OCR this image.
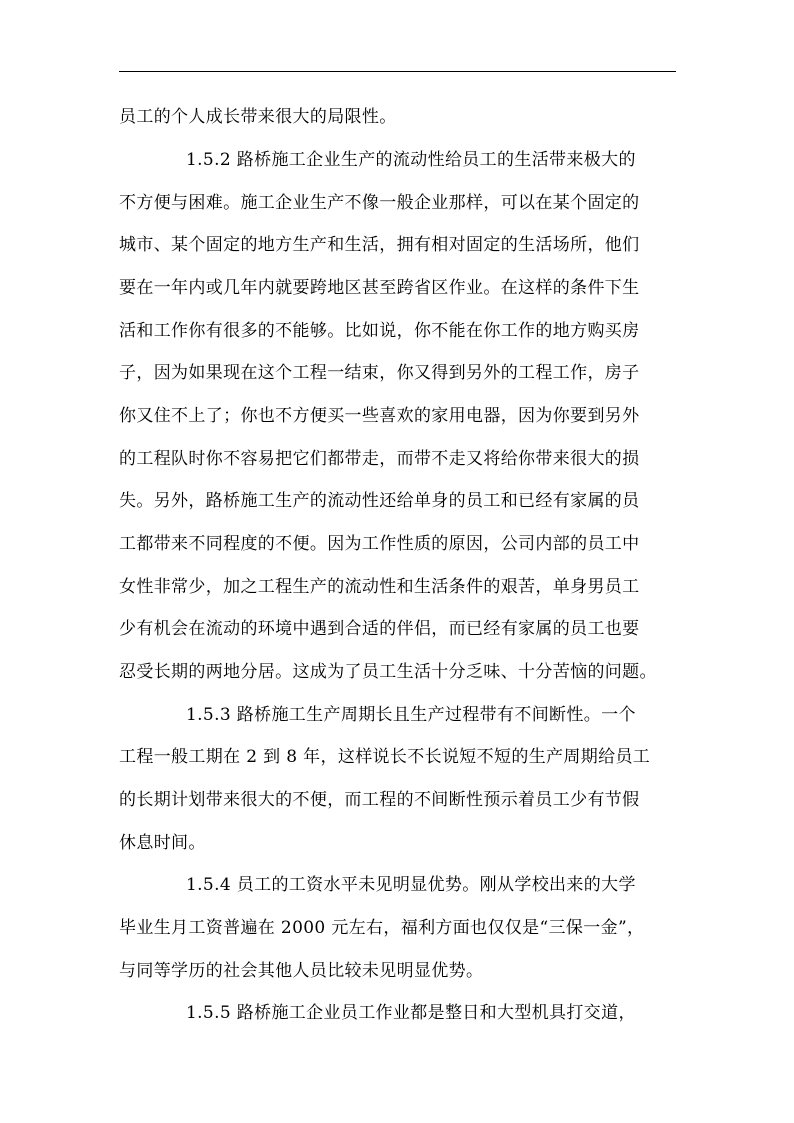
员工的个人成长带来很大的局限性。
1.5.2 路桥施工企业生产的流动性给员工的生活带来极大的
不方便与困难。施工企业生产不像一般企业那样，可以在某个固定的
城市、某个固定的地方生产和生活，拥有相对固定的生活场所，他们
要在一年内或几年内就要跨地区甚至跨省区作业。在这样的条件下生
活和工作你有很多的不能够。比如说，你不能在你工作的地方购买房
子，因为如果现在这个工程一结束，你又得到另外的工程工作，房子
你又住不上了；你也不方便买一些喜欢的家用电器，因为你要到另外
的工程队时你不容易把它们都带走，而带不走又将给你带来很大的损
失。另外，路桥施工生产的流动性还给单身的员工和已经有家属的员
工都带来不同程度的不便。因为工作性质的原因，公司内部的员工中
女性非常少，加之工程生产的流动性和生活条件的艰苦，单身男员工
少有机会在流动的环境中遇到合适的伴侣，而已经有家属的员工也要
忍受长期的两地分居。这成为了员工生活十分乏味、十分苦恼的问题。
1.5.3 路桥施工生产周期长且生产过程带有不间断性。一个
工程一般工期在 2 到 8 年，这样说长不长说短不短的生产周期给员工
的长期计划带来很大的不便，而工程的不间断性预示着员工少有节假
休息时间。
1.5.4 员工的工资水平未见明显优势。刚从学校出来的大学
毕业生月工资普遍在 2000 元左右，福利方面也仅仅是“三保一金”，
与同等学历的社会其他人员比较未见明显优势。
1.5.5 路桥施工企业员工作业都是整日和大型机具打交道，
